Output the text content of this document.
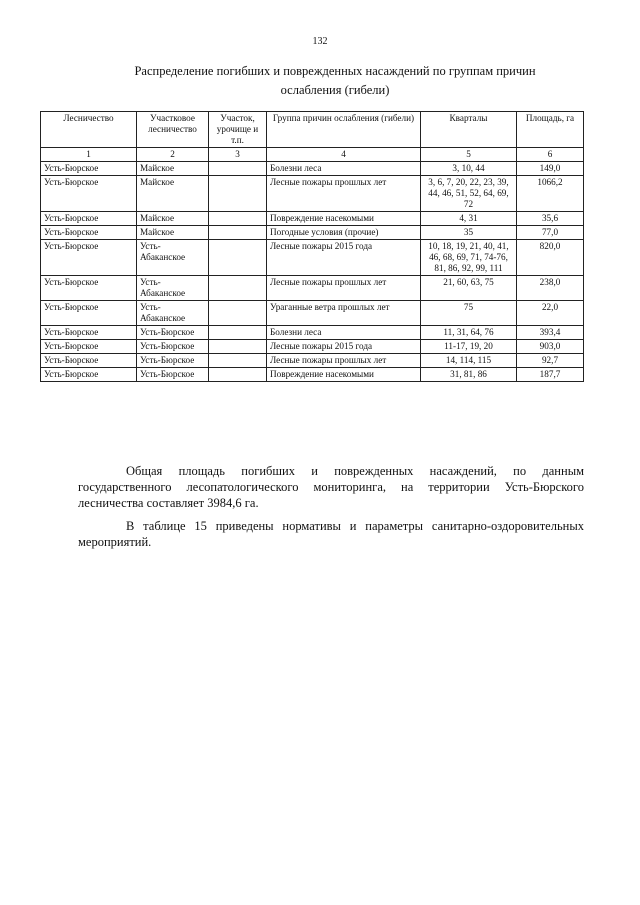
132
Распределение погибших и поврежденных насаждений по группам причин
ослабления (гибели)
Лесничество	Участковое лесничество	Участок, урочище и т.п.	Группа причин ослабления (гибели)	Кварталы	Площадь, га
1	2	3	4	5	6
Усть-Бюрское	Майское		Болезни леса	3, 10, 44	149,0
Усть-Бюрское	Майское		Лесные пожары прошлых лет	3, 6, 7, 20, 22, 23, 39, 44, 46, 51, 52, 64, 69, 72	1066,2
Усть-Бюрское	Майское		Повреждение насекомыми	4, 31	35,6
Усть-Бюрское	Майское		Погодные условия (прочие)	35	77,0
Усть-Бюрское	Усть-Абаканское		Лесные пожары 2015 года	10, 18, 19, 21, 40, 41, 46, 68, 69, 71, 74-76, 81, 86, 92, 99, 111	820,0
Усть-Бюрское	Усть-Абаканское		Лесные пожары прошлых лет	21, 60, 63, 75	238,0
Усть-Бюрское	Усть-Абаканское		Ураганные ветра прошлых лет	75	22,0
Усть-Бюрское	Усть-Бюрское		Болезни леса	11, 31, 64, 76	393,4
Усть-Бюрское	Усть-Бюрское		Лесные пожары 2015 года	11-17, 19, 20	903,0
Усть-Бюрское	Усть-Бюрское		Лесные пожары прошлых лет	14, 114, 115	92,7
Усть-Бюрское	Усть-Бюрское		Повреждение насекомыми	31, 81, 86	187,7
Общая площадь погибших и поврежденных насаждений, по данным государственного лесопатологического мониторинга, на территории Усть-Бюрского лесничества составляет 3984,6 га.
В таблице 15 приведены нормативы и параметры санитарно-оздоровительных мероприятий.
